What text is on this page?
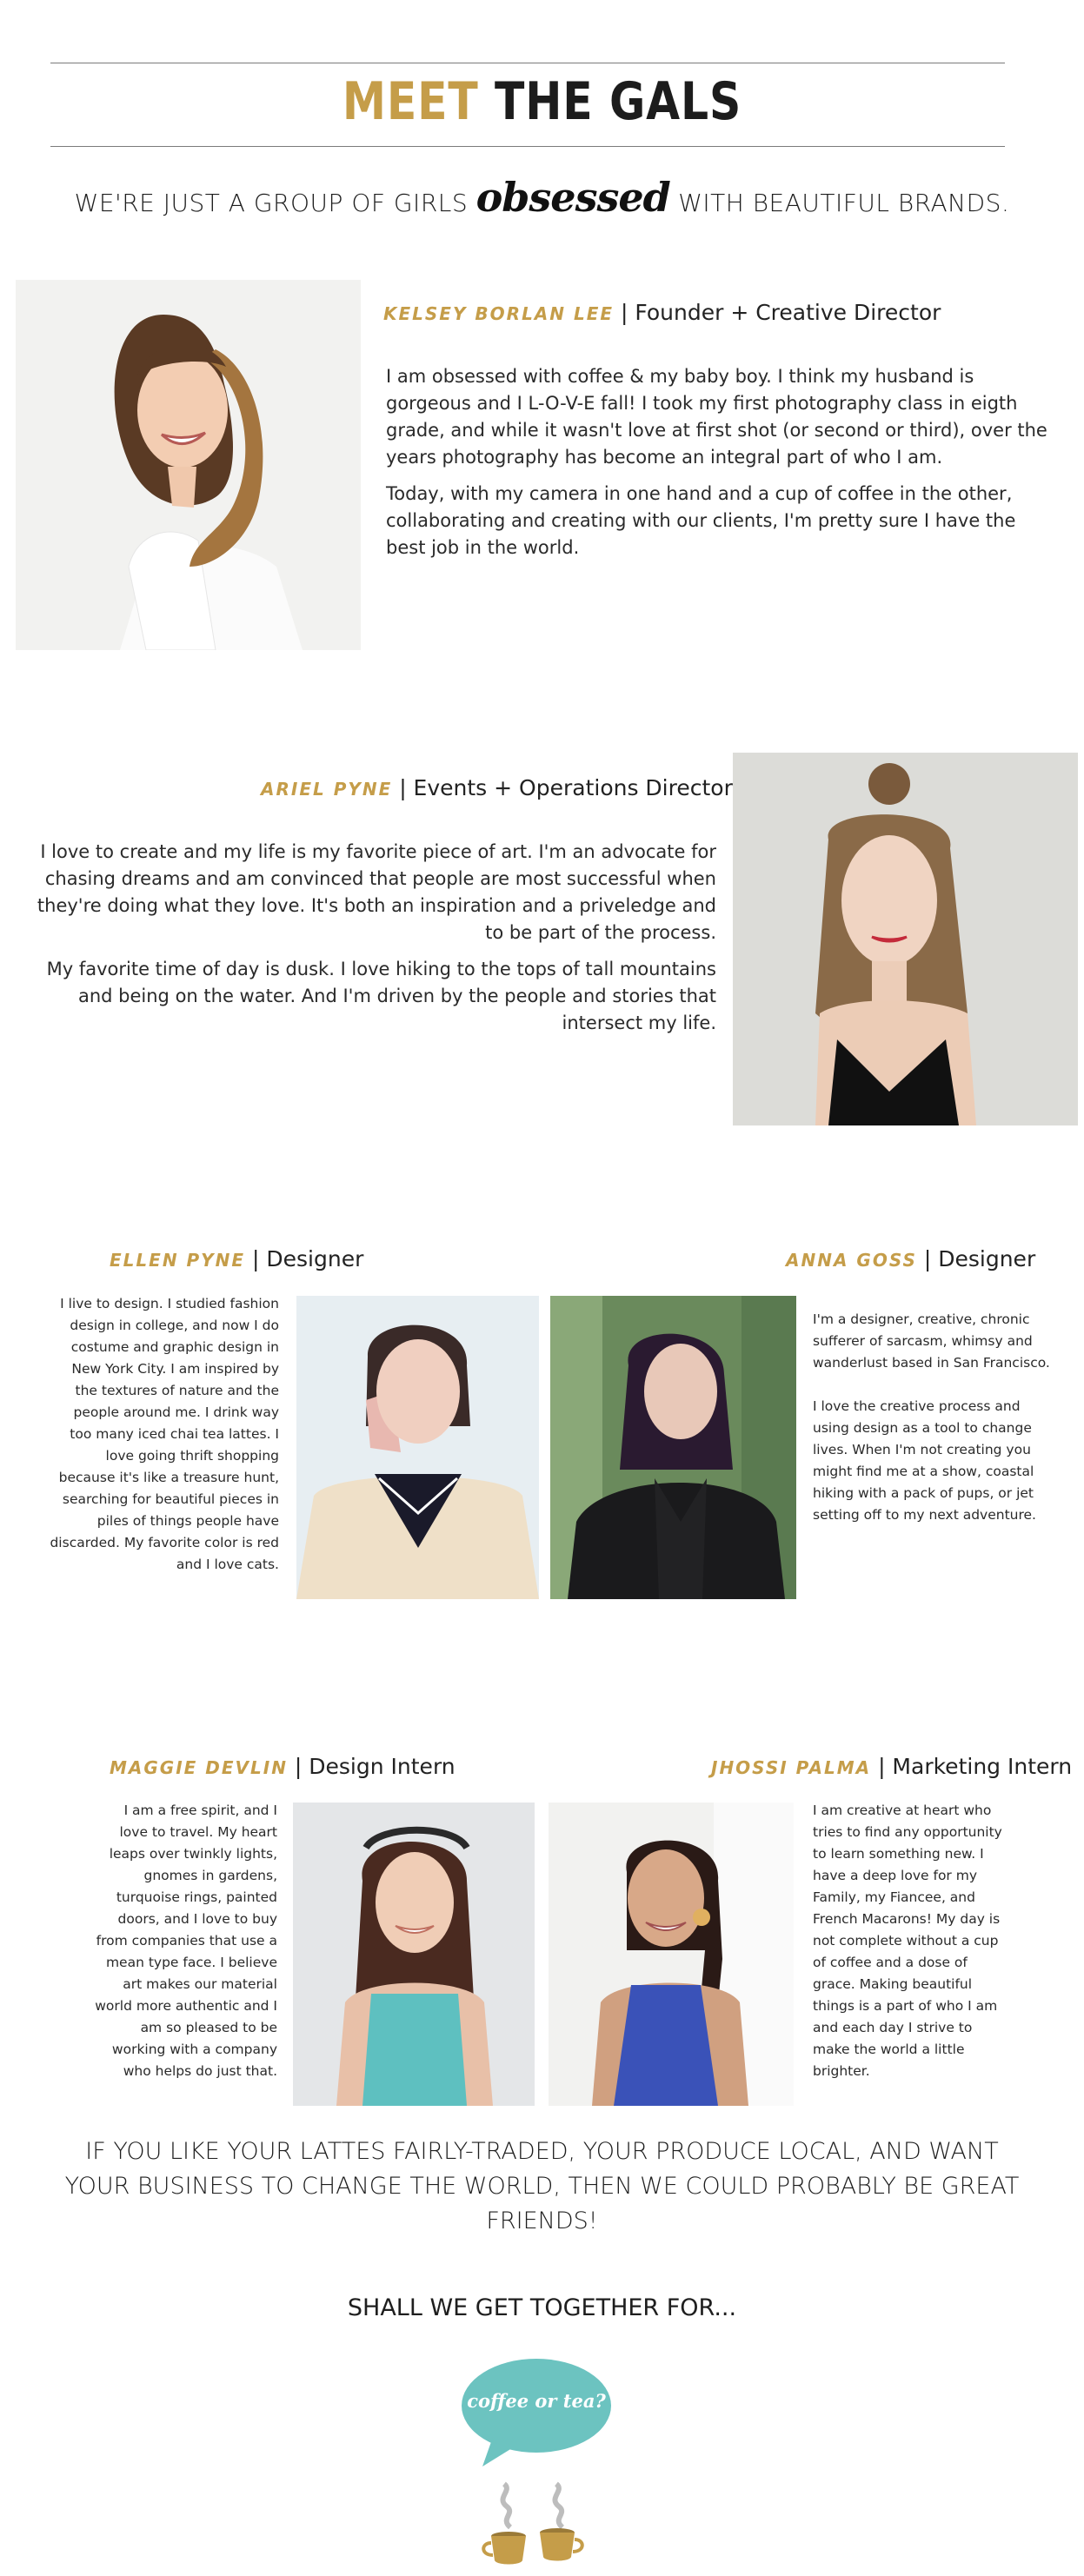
MEET THE GALS
WE'RE JUST A GROUP OF GIRLS obsessed WITH BEAUTIFUL BRANDS.
KELSEY BORLAN LEE | Founder + Creative Director

I am obsessed with coffee & my baby boy. I think my husband is gorgeous and I L-O-V-E fall! I took my first photography class in eigth grade, and while it wasn't love at first shot (or second or third), over the years photography has become an integral part of who I am.

Today, with my camera in one hand and a cup of coffee in the other, collaborating and creating with our clients, I'm pretty sure I have the best job in the world.

ARIEL PYNE | Events + Operations Director

I love to create and my life is my favorite piece of art. I'm an advocate for chasing dreams and am convinced that people are most successful when they're doing what they love. It's both an inspiration and a priveledge and to be part of the process.

My favorite time of day is dusk. I love hiking to the tops of tall mountains and being on the water. And I'm driven by the people and stories that intersect my life.

ELLEN PYNE | Designer

I live to design. I studied fashion design in college, and now I do costume and graphic design in New York City. I am inspired by the textures of nature and the people around me. I drink way too many iced chai tea lattes. I love going thrift shopping because it's like a treasure hunt, searching for beautiful pieces in piles of things people have discarded. My favorite color is red and I love cats.

ANNA GOSS | Designer

I'm a designer, creative, chronic sufferer of sarcasm, whimsy and wanderlust based in San Francisco.

I love the creative process and using design as a tool to change lives. When I'm not creating you might find me at a show, coastal hiking with a pack of pups, or jet setting off to my next adventure.

MAGGIE DEVLIN | Design Intern

I am a free spirit, and I love to travel. My heart leaps over twinkly lights, gnomes in gardens, turquoise rings, painted doors, and I love to buy from companies that use a mean type face. I believe art makes our material world more authentic and I am so pleased to be working with a company who helps do just that.

JHOSSI PALMA | Marketing Intern

I am creative at heart who tries to find any opportunity to learn something new. I have a deep love for my Family, my Fiancee, and French Macarons! My day is not complete without a cup of coffee and a dose of grace. Making beautiful things is a part of who I am and each day I strive to make the world a little brighter.

IF YOU LIKE YOUR LATTES FAIRLY-TRADED, YOUR PRODUCE LOCAL, AND WANT YOUR BUSINESS TO CHANGE THE WORLD, THEN WE COULD PROBABLY BE GREAT FRIENDS!
SHALL WE GET TOGETHER FOR...
coffee or tea?
